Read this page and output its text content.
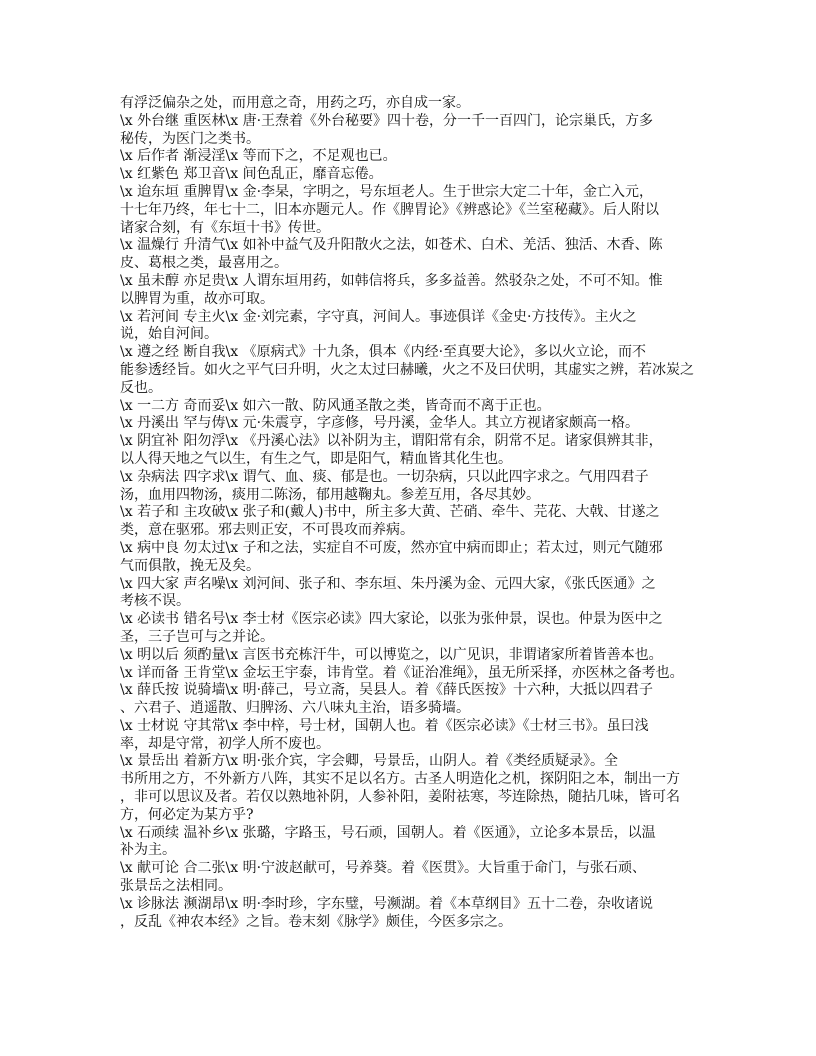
有浮泛偏杂之处，而用意之奇，用药之巧，亦自成一家。
\x 外台继 重医林\x 唐·王焘着《外台秘要》四十卷，分一千一百四门，论宗巢氏，方多
秘传，为医门之类书。
\x 后作者 渐浸淫\x 等而下之，不足观也已。
\x 红紫色 郑卫音\x 间色乱正，靡音忘倦。
\x 迨东垣 重脾胃\x 金·李杲，字明之，号东垣老人。生于世宗大定二十年，金亡入元，
十七年乃终，年七十二，旧本亦题元人。作《脾胃论》《辨惑论》《兰室秘藏》。后人附以
诸家合刻，有《东垣十书》传世。
\x 温燥行 升清气\x 如补中益气及升阳散火之法，如苍术、白术、羌活、独活、木香、陈
皮、葛根之类，最喜用之。
\x 虽未醇 亦足贵\x 人谓东垣用药，如韩信将兵，多多益善。然驳杂之处，不可不知。惟
以脾胃为重，故亦可取。
\x 若河间 专主火\x 金·刘完素，字守真，河间人。事迹俱详《金史·方技传》。主火之
说，始自河间。
\x 遵之经 断自我\x 《原病式》十九条，俱本《内经·至真要大论》，多以火立论，而不
能参透经旨。如火之平气曰升明，火之太过曰赫曦，火之不及曰伏明，其虚实之辨，若冰炭之
反也。
\x 一二方 奇而妥\x 如六一散、防风通圣散之类，皆奇而不离于正也。
\x 丹溪出 罕与俦\x 元·朱震亨，字彦修，号丹溪，金华人。其立方视诸家颇高一格。
\x 阴宜补 阳勿浮\x 《丹溪心法》以补阴为主，谓阳常有余，阴常不足。诸家俱辨其非，
以人得天地之气以生，有生之气，即是阳气，精血皆其化生也。
\x 杂病法 四字求\x 谓气、血、痰、郁是也。一切杂病，只以此四字求之。气用四君子
汤，血用四物汤，痰用二陈汤，郁用越鞠丸。参差互用，各尽其妙。
\x 若子和 主攻破\x 张子和(戴人)书中，所主多大黄、芒硝、牵牛、芫花、大戟、甘遂之
类，意在驱邪。邪去则正安，不可畏攻而养病。
\x 病中良 勿太过\x 子和之法，实症自不可废，然亦宜中病而即止；若太过，则元气随邪
气而俱散，挽无及矣。
\x 四大家 声名噪\x 刘河间、张子和、李东垣、朱丹溪为金、元四大家，《张氏医通》之
考核不误。
\x 必读书 错名号\x 李士材《医宗必读》四大家论，以张为张仲景，误也。仲景为医中之
圣，三子岂可与之并论。
\x 明以后 须酌量\x 言医书充栋汗牛，可以博览之，以广见识，非谓诸家所着皆善本也。
\x 详而备 王肯堂\x 金坛王宇泰，讳肯堂。着《证治准绳》，虽无所采择，亦医林之备考也。
\x 薛氏按 说骑墙\x 明·薛己，号立斋，吴县人。着《薛氏医按》十六种，大抵以四君子
、六君子、逍遥散、归脾汤、六八味丸主治，语多骑墙。
\x 士材说 守其常\x 李中梓，号士材，国朝人也。着《医宗必读》《士材三书》。虽曰浅
率，却是守常，初学人所不废也。
\x 景岳出 着新方\x 明·张介宾，字会卿，号景岳，山阴人。着《类经质疑录》。全
书所用之方，不外新方八阵，其实不足以名方。古圣人明造化之机，探阴阳之本，制出一方
，非可以思议及者。若仅以熟地补阴，人参补阳，姜附祛寒，芩连除热，随拈几味，皆可名
方，何必定为某方乎?
\x 石顽续 温补乡\x 张璐，字路玉，号石顽，国朝人。着《医通》，立论多本景岳，以温
补为主。
\x 献可论 合二张\x 明·宁波赵献可，号养葵。着《医贯》。大旨重于命门，与张石顽、
张景岳之法相同。
\x 诊脉法 濒湖昂\x 明·李时珍，字东璧，号濒湖。着《本草纲目》五十二卷，杂收诸说
，反乱《神农本经》之旨。卷末刻《脉学》颇佳，今医多宗之。
